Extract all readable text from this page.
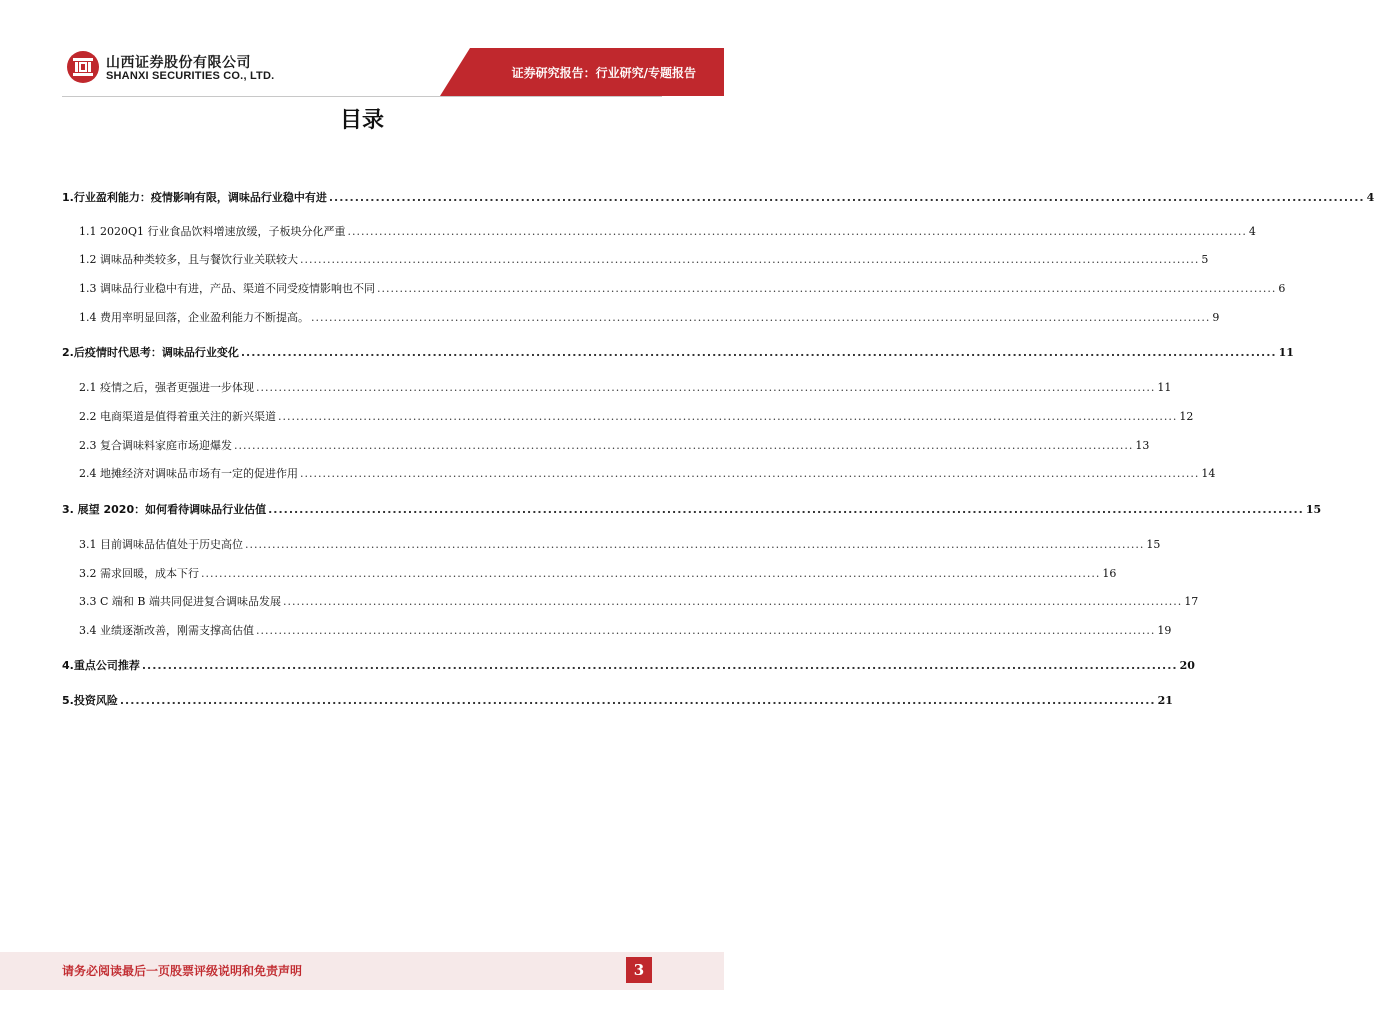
山西证券股份有限公司
SHANXI SECURITIES CO., LTD.	证券研究报告：行业研究/专题报告
目录
1.行业盈利能力：疫情影响有限，调味品行业稳中有进 ........................................................................................................................................................................................................ 4
1.1 2020Q1 行业食品饮料增速放缓，子板块分化严重 ........................................................................................................................................................................................................ 4
1.2 调味品种类较多，且与餐饮行业关联较大 ........................................................................................................................................................................................................ 5
1.3 调味品行业稳中有进，产品、渠道不同受疫情影响也不同 ........................................................................................................................................................................................................ 6
1.4 费用率明显回落，企业盈利能力不断提高。 ........................................................................................................................................................................................................ 9
2.后疫情时代思考：调味品行业变化 ........................................................................................................................................................................................................ 11
2.1 疫情之后，强者更强进一步体现 ........................................................................................................................................................................................................ 11
2.2 电商渠道是值得着重关注的新兴渠道 ........................................................................................................................................................................................................ 12
2.3 复合调味料家庭市场迎爆发 ........................................................................................................................................................................................................ 13
2.4 地摊经济对调味品市场有一定的促进作用 ........................................................................................................................................................................................................ 14
3. 展望 2020：如何看待调味品行业估值 ........................................................................................................................................................................................................ 15
3.1 目前调味品估值处于历史高位 ........................................................................................................................................................................................................ 15
3.2 需求回暖，成本下行 ........................................................................................................................................................................................................ 16
3.3 C 端和 B 端共同促进复合调味品发展 ........................................................................................................................................................................................................ 17
3.4 业绩逐渐改善，刚需支撑高估值 ........................................................................................................................................................................................................ 19
4.重点公司推荐 ........................................................................................................................................................................................................ 20
5.投资风险 ........................................................................................................................................................................................................ 21
请务必阅读最后一页股票评级说明和免责声明	3
